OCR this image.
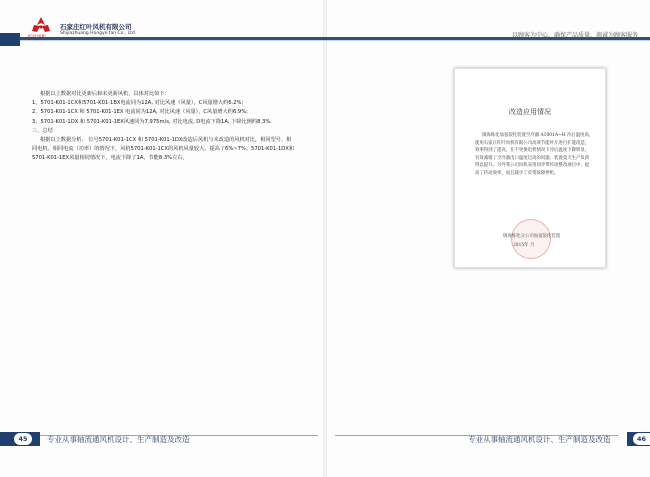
红叶风机
石家庄红叶风机有限公司
Shijiazhuang Hongye fan Co., Ltd.	以顾客为中心、确保产品质量、竭诚为顾客服务
根据以上数据对比更新后和未更新风机，具体对比如下：
1、5701-K01-1CX和5701-K01-1BX电流同为12A, 对比风速（风量），C风量增大约6.2%;
2、5701-K01-1CX 和 5701-K01-1EX 电流同为12A, 对比风速（风量），C风量增大约6.9%;
3、5701-K01-1DX 和 5701-K01-1EX风速同为7.975m/s, 对比电流, D电流下降1A, 下降比例约8.3%.
三、总结
根据以上数据分析， 位号5701-K01-1CX 和 5701-K01-1DX改造后风机与未改造的风机对比，相同型号、相
同电机、相同电流（功率）的情况下，风机5701-K01-1CX的风机风量较大，提高了6%~7%；5701-K01-1DX和
5701-K01-1EX风量相同情况下，电流下降了1A，节能8.3%左右。
改造应用情况
镇海炼化加氢裂化装置空冷器 A1001A~H 冷后温度高，
使用石家庄红叶风机有限公司高效节能叶片进行扩能改造，
效率得到了提高，在不更换电机情况下冷后温度下降明显，
有效减缓了空冷器出口温度过高的问题，装置夏天生产负荷
得以提升。另外我公司风机采用同步带传动整改项目中，提
高了传动效率，而且减少了皮带故障停机。
镇海炼化分公司加氢裂化装置
2015年 月
45	专业从事轴流通风机设计、生产制造及改造	专业从事轴流通风机设计、生产制造及改造	46
